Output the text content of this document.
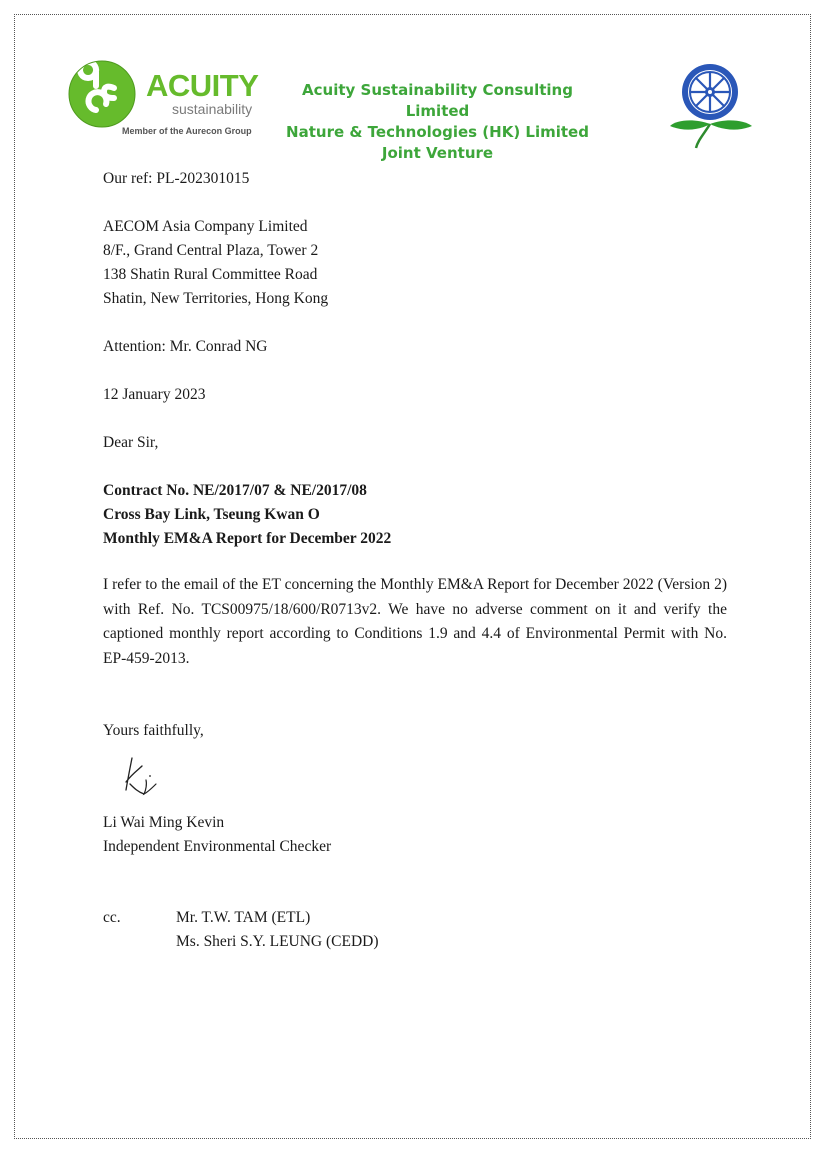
ACUITY
sustainability
Member of the Aurecon Group
Acuity Sustainability Consulting Limited
Nature & Technologies (HK) Limited
Joint Venture
Our ref: PL-202301015
AECOM Asia Company Limited
8/F., Grand Central Plaza, Tower 2
138 Shatin Rural Committee Road
Shatin, New Territories, Hong Kong
Attention: Mr. Conrad NG
12 January 2023
Dear Sir,
Contract No. NE/2017/07 & NE/2017/08
Cross Bay Link, Tseung Kwan O
Monthly EM&A Report for December 2022
I refer to the email of the ET concerning the Monthly EM&A Report for December 2022 (Version 2) with Ref. No. TCS00975/18/600/R0713v2. We have no adverse comment on it and verify the captioned monthly report according to Conditions 1.9 and 4.4 of Environmental Permit with No. EP-459-2013.
Yours faithfully,
Li Wai Ming Kevin
Independent Environmental Checker
cc.	Mr. T.W. TAM (ETL)
Ms. Sheri S.Y. LEUNG (CEDD)
